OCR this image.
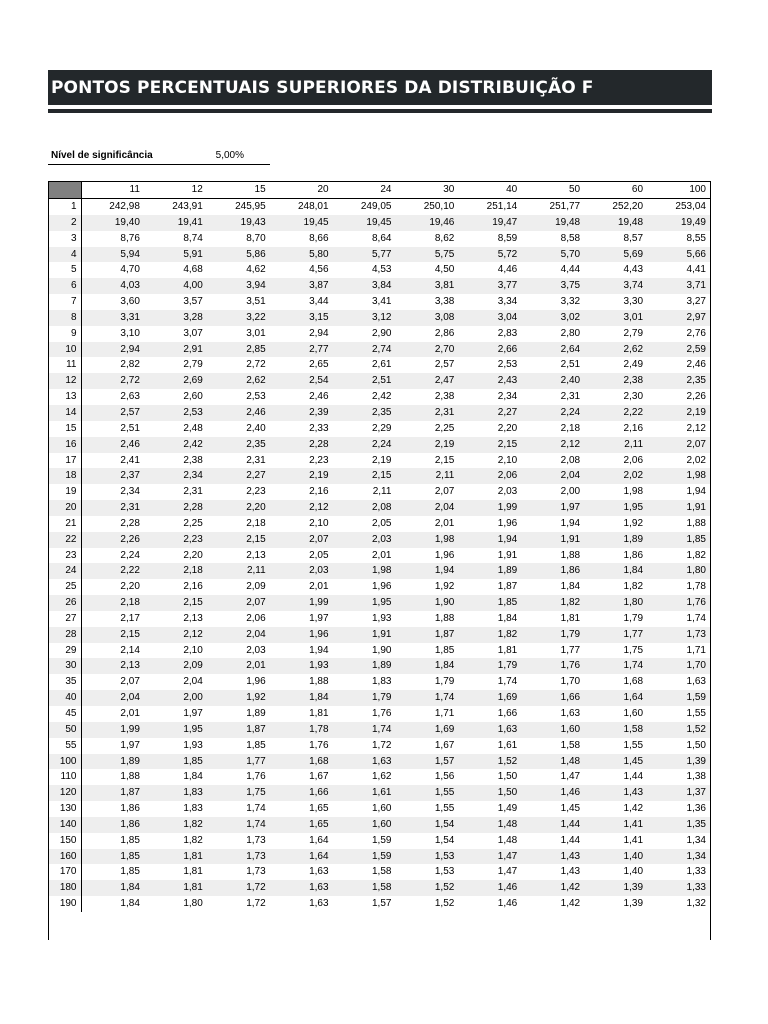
PONTOS PERCENTUAIS SUPERIORES DA DISTRIBUIÇÃO F
Nível de significância	5,00%
	11	12	15	20	24	30	40	50	60	100
1	242,98	243,91	245,95	248,01	249,05	250,10	251,14	251,77	252,20	253,04
2	19,40	19,41	19,43	19,45	19,45	19,46	19,47	19,48	19,48	19,49
3	8,76	8,74	8,70	8,66	8,64	8,62	8,59	8,58	8,57	8,55
4	5,94	5,91	5,86	5,80	5,77	5,75	5,72	5,70	5,69	5,66
5	4,70	4,68	4,62	4,56	4,53	4,50	4,46	4,44	4,43	4,41
6	4,03	4,00	3,94	3,87	3,84	3,81	3,77	3,75	3,74	3,71
7	3,60	3,57	3,51	3,44	3,41	3,38	3,34	3,32	3,30	3,27
8	3,31	3,28	3,22	3,15	3,12	3,08	3,04	3,02	3,01	2,97
9	3,10	3,07	3,01	2,94	2,90	2,86	2,83	2,80	2,79	2,76
10	2,94	2,91	2,85	2,77	2,74	2,70	2,66	2,64	2,62	2,59
11	2,82	2,79	2,72	2,65	2,61	2,57	2,53	2,51	2,49	2,46
12	2,72	2,69	2,62	2,54	2,51	2,47	2,43	2,40	2,38	2,35
13	2,63	2,60	2,53	2,46	2,42	2,38	2,34	2,31	2,30	2,26
14	2,57	2,53	2,46	2,39	2,35	2,31	2,27	2,24	2,22	2,19
15	2,51	2,48	2,40	2,33	2,29	2,25	2,20	2,18	2,16	2,12
16	2,46	2,42	2,35	2,28	2,24	2,19	2,15	2,12	2,11	2,07
17	2,41	2,38	2,31	2,23	2,19	2,15	2,10	2,08	2,06	2,02
18	2,37	2,34	2,27	2,19	2,15	2,11	2,06	2,04	2,02	1,98
19	2,34	2,31	2,23	2,16	2,11	2,07	2,03	2,00	1,98	1,94
20	2,31	2,28	2,20	2,12	2,08	2,04	1,99	1,97	1,95	1,91
21	2,28	2,25	2,18	2,10	2,05	2,01	1,96	1,94	1,92	1,88
22	2,26	2,23	2,15	2,07	2,03	1,98	1,94	1,91	1,89	1,85
23	2,24	2,20	2,13	2,05	2,01	1,96	1,91	1,88	1,86	1,82
24	2,22	2,18	2,11	2,03	1,98	1,94	1,89	1,86	1,84	1,80
25	2,20	2,16	2,09	2,01	1,96	1,92	1,87	1,84	1,82	1,78
26	2,18	2,15	2,07	1,99	1,95	1,90	1,85	1,82	1,80	1,76
27	2,17	2,13	2,06	1,97	1,93	1,88	1,84	1,81	1,79	1,74
28	2,15	2,12	2,04	1,96	1,91	1,87	1,82	1,79	1,77	1,73
29	2,14	2,10	2,03	1,94	1,90	1,85	1,81	1,77	1,75	1,71
30	2,13	2,09	2,01	1,93	1,89	1,84	1,79	1,76	1,74	1,70
35	2,07	2,04	1,96	1,88	1,83	1,79	1,74	1,70	1,68	1,63
40	2,04	2,00	1,92	1,84	1,79	1,74	1,69	1,66	1,64	1,59
45	2,01	1,97	1,89	1,81	1,76	1,71	1,66	1,63	1,60	1,55
50	1,99	1,95	1,87	1,78	1,74	1,69	1,63	1,60	1,58	1,52
55	1,97	1,93	1,85	1,76	1,72	1,67	1,61	1,58	1,55	1,50
100	1,89	1,85	1,77	1,68	1,63	1,57	1,52	1,48	1,45	1,39
110	1,88	1,84	1,76	1,67	1,62	1,56	1,50	1,47	1,44	1,38
120	1,87	1,83	1,75	1,66	1,61	1,55	1,50	1,46	1,43	1,37
130	1,86	1,83	1,74	1,65	1,60	1,55	1,49	1,45	1,42	1,36
140	1,86	1,82	1,74	1,65	1,60	1,54	1,48	1,44	1,41	1,35
150	1,85	1,82	1,73	1,64	1,59	1,54	1,48	1,44	1,41	1,34
160	1,85	1,81	1,73	1,64	1,59	1,53	1,47	1,43	1,40	1,34
170	1,85	1,81	1,73	1,63	1,58	1,53	1,47	1,43	1,40	1,33
180	1,84	1,81	1,72	1,63	1,58	1,52	1,46	1,42	1,39	1,33
190	1,84	1,80	1,72	1,63	1,57	1,52	1,46	1,42	1,39	1,32
